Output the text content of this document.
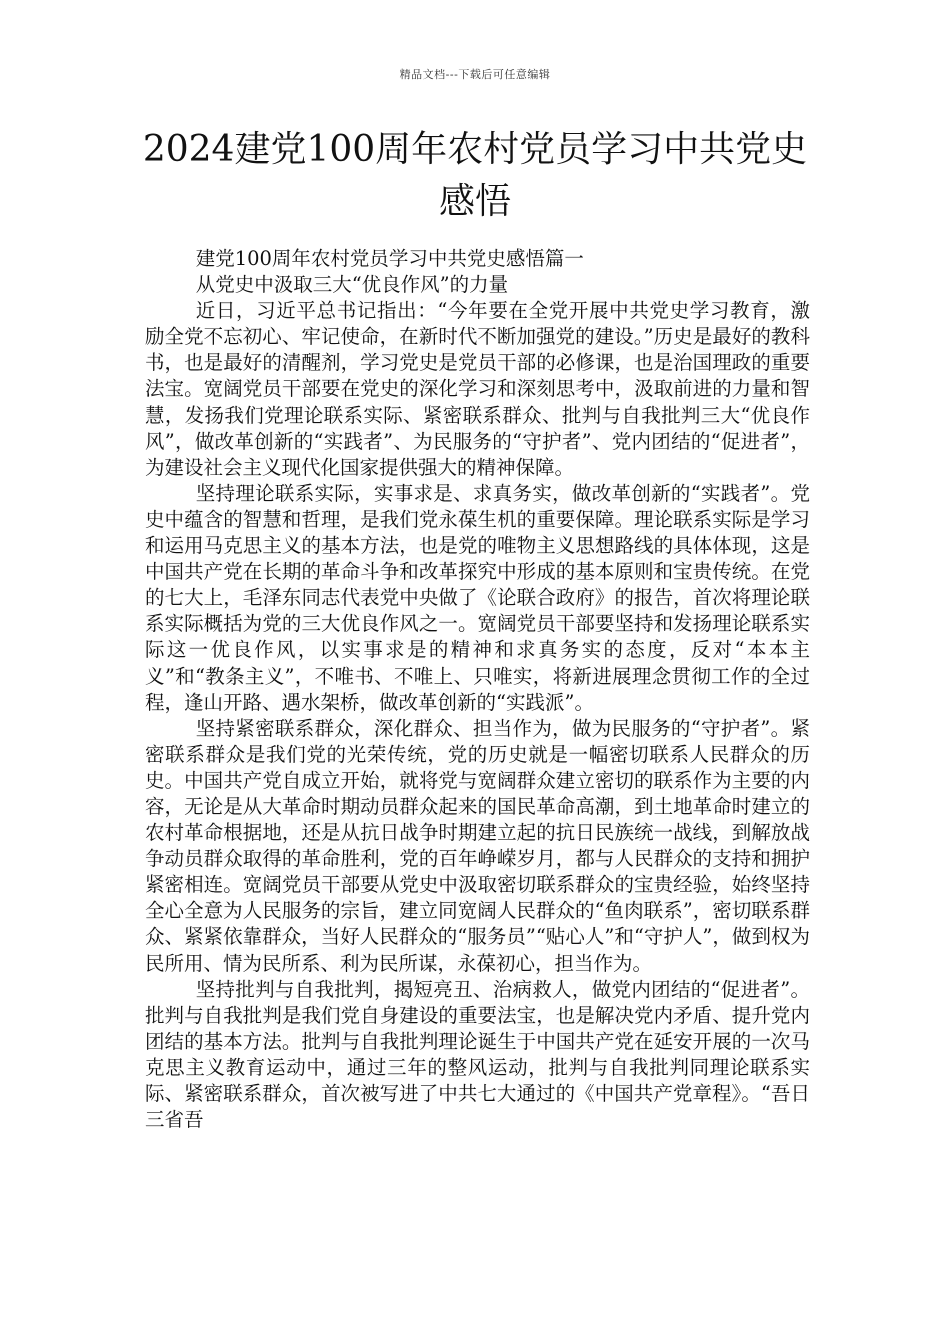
精品文档---下载后可任意编辑
2024建党100周年农村党员学习中共党史感悟

建党100周年农村党员学习中共党史感悟篇一

从党史中汲取三大“优良作风”的力量

近日，习近平总书记指出：“今年要在全党开展中共党史学习教育，激励全党不忘初心、牢记使命，在新时代不断加强党的建设。”历史是最好的教科书，也是最好的清醒剂，学习党史是党员干部的必修课，也是治国理政的重要法宝。宽阔党员干部要在党史的深化学习和深刻思考中，汲取前进的力量和智慧，发扬我们党理论联系实际、紧密联系群众、批判与自我批判三大“优良作风”，做改革创新的“实践者”、为民服务的“守护者”、党内团结的“促进者”，为建设社会主义现代化国家提供强大的精神保障。

坚持理论联系实际，实事求是、求真务实，做改革创新的“实践者”。党史中蕴含的智慧和哲理，是我们党永葆生机的重要保障。理论联系实际是学习和运用马克思主义的基本方法，也是党的唯物主义思想路线的具体体现，这是中国共产党在长期的革命斗争和改革探究中形成的基本原则和宝贵传统。在党的七大上，毛泽东同志代表党中央做了《论联合政府》的报告，首次将理论联系实际概括为党的三大优良作风之一。宽阔党员干部要坚持和发扬理论联系实际这一优良作风，以实事求是的精神和求真务实的态度，反对“本本主义”和“教条主义”，不唯书、不唯上、只唯实，将新进展理念贯彻工作的全过程，逢山开路、遇水架桥，做改革创新的“实践派”。

坚持紧密联系群众，深化群众、担当作为，做为民服务的“守护者”。紧密联系群众是我们党的光荣传统，党的历史就是一幅密切联系人民群众的历史。中国共产党自成立开始，就将党与宽阔群众建立密切的联系作为主要的内容，无论是从大革命时期动员群众起来的国民革命高潮，到土地革命时建立的农村革命根据地，还是从抗日战争时期建立起的抗日民族统一战线，到解放战争动员群众取得的革命胜利，党的百年峥嵘岁月，都与人民群众的支持和拥护紧密相连。宽阔党员干部要从党史中汲取密切联系群众的宝贵经验，始终坚持全心全意为人民服务的宗旨，建立同宽阔人民群众的“鱼肉联系”，密切联系群众、紧紧依靠群众，当好人民群众的“服务员”“贴心人”和“守护人”，做到权为民所用、情为民所系、利为民所谋，永葆初心，担当作为。

坚持批判与自我批判，揭短亮丑、治病救人，做党内团结的“促进者”。批判与自我批判是我们党自身建设的重要法宝，也是解决党内矛盾、提升党内团结的基本方法。批判与自我批判理论诞生于中国共产党在延安开展的一次马克思主义教育运动中，通过三年的整风运动，批判与自我批判同理论联系实际、紧密联系群众，首次被写进了中共七大通过的《中国共产党章程》。“吾日三省吾
